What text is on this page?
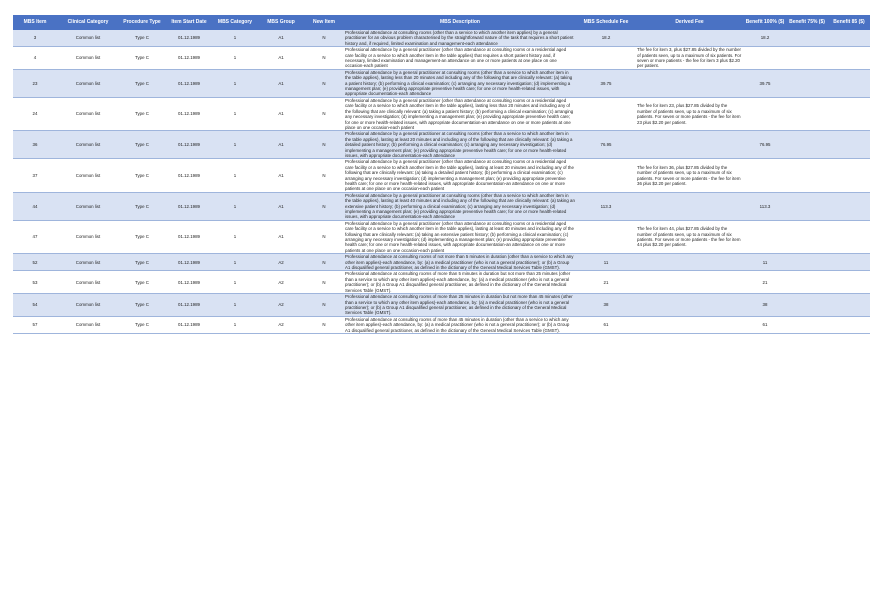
MBS Item	Clinical Category	Procedure Type	Item Start Date	MBS Category	MBS Group	New Item	MBS Description	MBS Schedule Fee	Derived Fee	Benefit 100% ($)	Benefit 75% ($)	Benefit 85 ($)
3	Common list	Type C	01.12.1989	1	A1	N	Professional attendance at consulting rooms (other than a service to which another item applies) by a general practitioner for an obvious problem characterised by the straightforward nature of the task that requires a short patient history and, if required, limited examination and management-each attendance	18.2		18.2		
4	Common list	Type C	01.12.1989	1	A1	N	Professional attendance by a general practitioner (other than attendance at consulting rooms or a residential aged care facility or a service to which another item in the table applies) that requires a short patient history and, if necessary, limited examination and management-an attendance on one or more patients at one place on one occasion-each patient		The fee for item 3, plus $27.85 divided by the number of patients seen, up to a maximum of six patients. For seven or more patients - the fee for item 3 plus $2.20 per patient.			
23	Common list	Type C	01.12.1989	1	A1	N	Professional attendance by a general practitioner at consulting rooms (other than a service to which another item in the table applies), lasting less than 20 minutes and including any of the following that are clinically relevant: (a) taking a patient history; (b) performing a clinical examination; (c) arranging any necessary investigation; (d) implementing a management plan; (e) providing appropriate preventive health care; for one or more health-related issues, with appropriate documentation-each attendance	39.75		39.75		
24	Common list	Type C	01.12.1989	1	A1	N	Professional attendance by a general practitioner (other than attendance at consulting rooms or a residential aged care facility or a service to which another item in the table applies), lasting less than 20 minutes and including any of the following that are clinically relevant: (a) taking a patient history; (b) performing a clinical examination; (c) arranging any necessary investigation; (d) implementing a management plan; (e) providing appropriate preventive health care; for one or more health-related issues, with appropriate documentation-an attendance on one or more patients at one place on one occasion-each patient		The fee for item 23, plus $27.85 divided by the number of patients seen, up to a maximum of six patients. For seven or more patients - the fee for item 23 plus $2.20 per patient.			
36	Common list	Type C	01.12.1989	1	A1	N	Professional attendance by a general practitioner at consulting rooms (other than a service to which another item in the table applies), lasting at least 20 minutes and including any of the following that are clinically relevant: (a) taking a detailed patient history; (b) performing a clinical examination; (c) arranging any necessary investigation; (d) implementing a management plan; (e) providing appropriate preventive health care; for one or more health-related issues, with appropriate documentation-each attendance	76.95		76.95		
37	Common list	Type C	01.12.1989	1	A1	N	Professional attendance by a general practitioner (other than attendance at consulting rooms or a residential aged care facility or a service to which another item in the table applies), lasting at least 20 minutes and including any of the following that are clinically relevant: (a) taking a detailed patient history; (b) performing a clinical examination; (c) arranging any necessary investigation; (d) implementing a management plan; (e) providing appropriate preventive health care; for one or more health-related issues, with appropriate documentation-an attendance on one or more patients at one place on one occasion-each patient		The fee for item 36, plus $27.85 divided by the number of patients seen, up to a maximum of six patients. For seven or more patients - the fee for item 36 plus $2.20 per patient.			
44	Common list	Type C	01.12.1989	1	A1	N	Professional attendance by a general practitioner at consulting rooms (other than a service to which another item in the table applies), lasting at least 40 minutes and including any of the following that are clinically relevant: (a) taking an extensive patient history; (b) performing a clinical examination; (c) arranging any necessary investigation; (d) implementing a management plan; (e) providing appropriate preventive health care; for one or more health-related issues, with appropriate documentation-each attendance	113.3		113.3		
47	Common list	Type C	01.12.1989	1	A1	N	Professional attendance by a general practitioner (other than attendance at consulting rooms or a residential aged care facility or a service to which another item in the table applies), lasting at least 40 minutes and including any of the following that are clinically relevant: (a) taking an extensive patient history; (b) performing a clinical examination; (c) arranging any necessary investigation; (d) implementing a management plan; (e) providing appropriate preventive health care; for one or more health-related issues, with appropriate documentation-an attendance on one or more patients at one place on one occasion-each patient		The fee for item 44, plus $27.85 divided by the number of patients seen, up to a maximum of six patients. For seven or more patients - the fee for item 44 plus $2.20 per patient.			
52	Common list	Type C	01.12.1989	1	A2	N	Professional attendance at consulting rooms of not more than 5 minutes in duration (other than a service to which any other item applies)-each attendance, by: (a) a medical practitioner (who is not a general practitioner); or (b) a Group A1 disqualified general practitioner, as defined in the dictionary of the General Medical Services Table (GMST).	11		11		
53	Common list	Type C	01.12.1989	1	A2	N	Professional attendance at consulting rooms of more than 5 minutes in duration but not more than 25 minutes (other than a service to which any other item applies)-each attendance, by: (a) a medical practitioner (who is not a general practitioner); or (b) a Group A1 disqualified general practitioner, as defined in the dictionary of the General Medical Services Table (GMST).	21		21		
54	Common list	Type C	01.12.1989	1	A2	N	Professional attendance at consulting rooms of more than 25 minutes in duration but not more than 45 minutes (other than a service to which any other item applies)-each attendance, by: (a) a medical practitioner (who is not a general practitioner); or (b) a Group A1 disqualified general practitioner, as defined in the dictionary of the General Medical Services Table (GMST).	38		38		
57	Common list	Type C	01.12.1989	1	A2	N	Professional attendance at consulting rooms of more than 45 minutes in duration (other than a service to which any other item applies)-each attendance, by: (a) a medical practitioner (who is not a general practitioner); or (b) a Group A1 disqualified general practitioner, as defined in the dictionary of the General Medical Services Table (GMST).	61		61		
